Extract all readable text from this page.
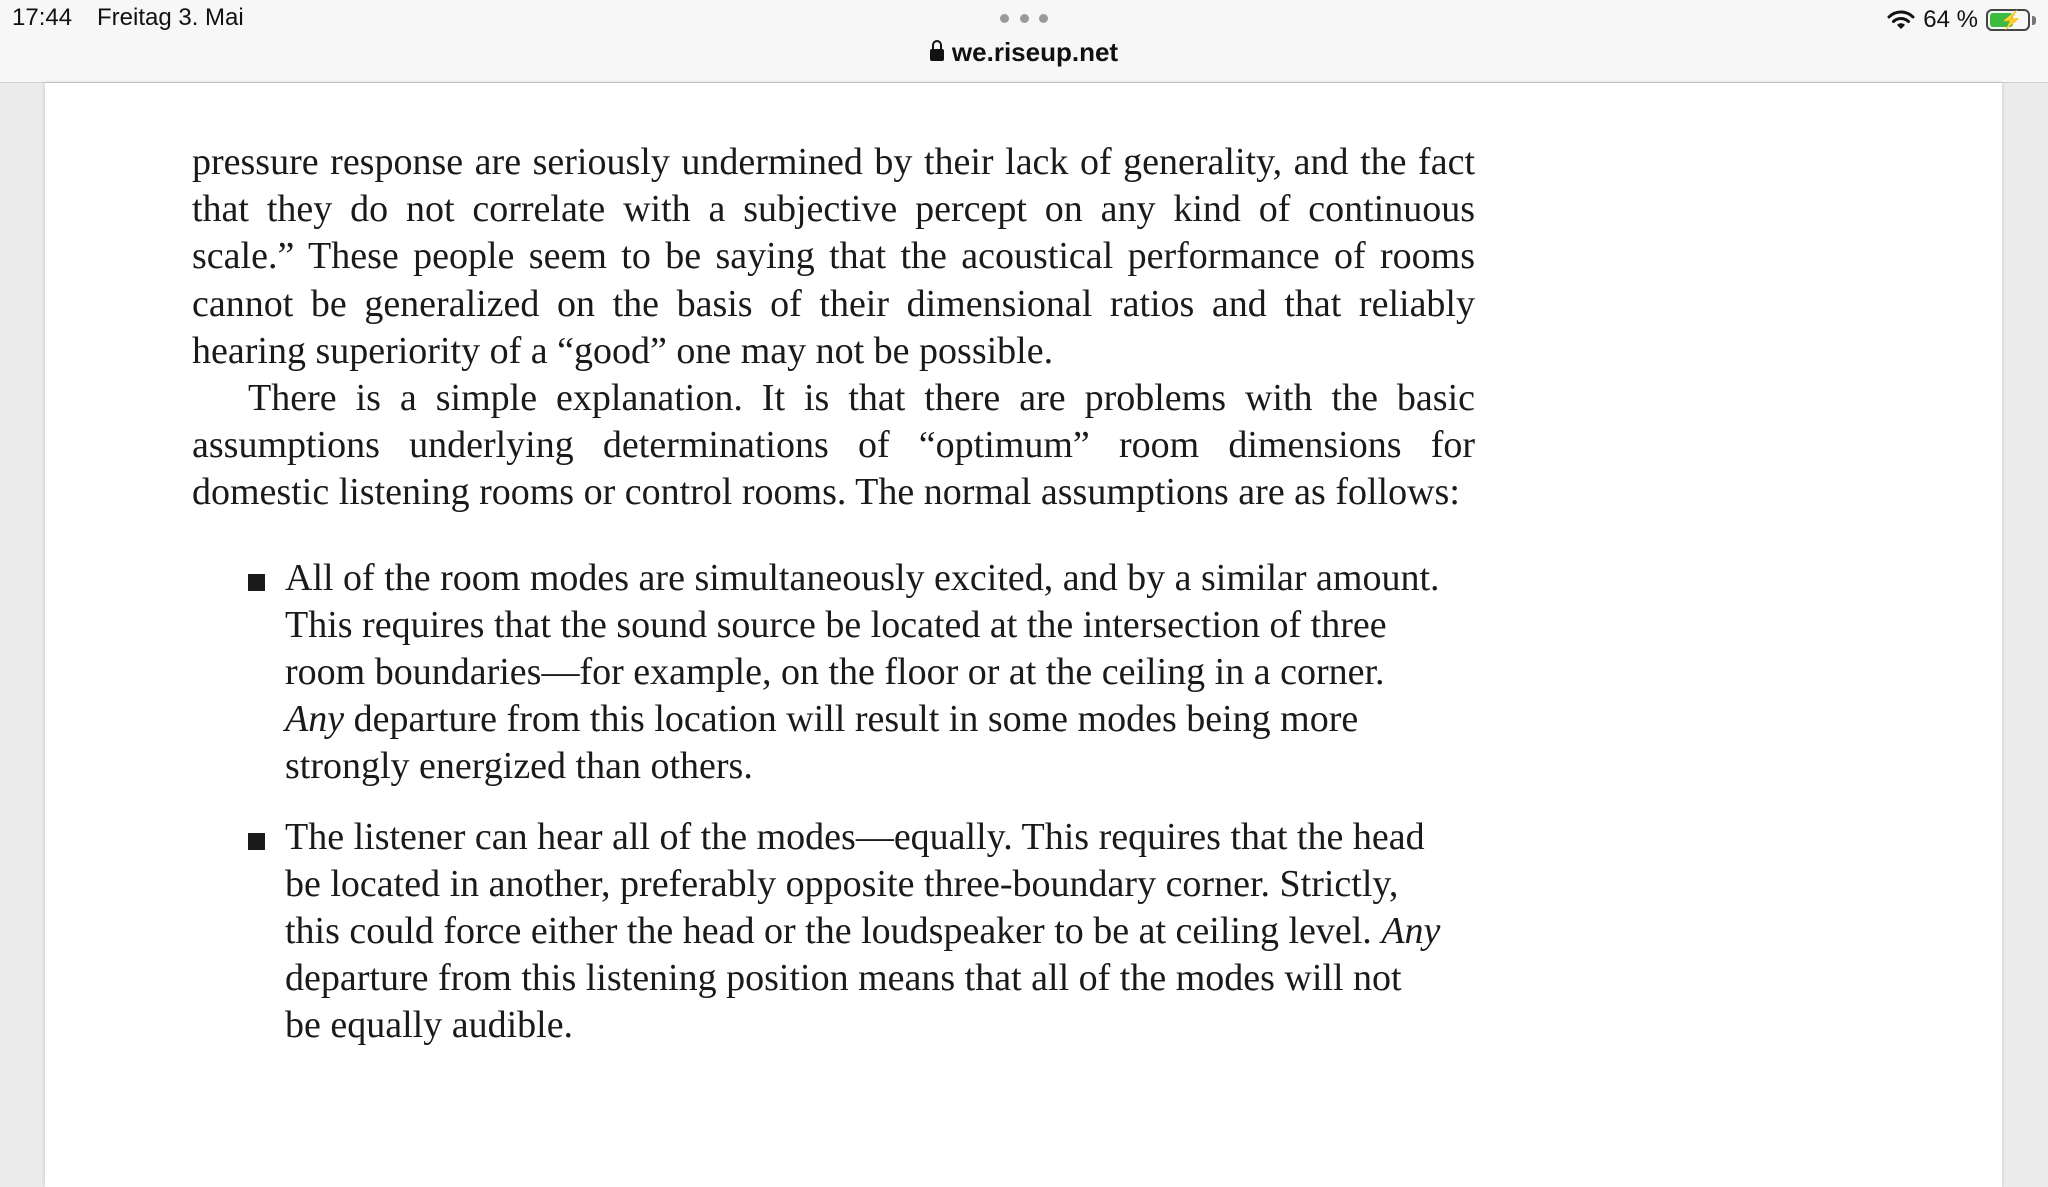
17:44 Freitag 3. Mai
we.riseup.net
64 % ⚡

pressure response are seriously undermined by their lack of generality, and the fact that they do not correlate with a subjective percept on any kind of continuous scale.” These people seem to be saying that the acoustical performance of rooms cannot be generalized on the basis of their dimensional ratios and that reliably hearing superiority of a “good” one may not be possible.

There is a simple explanation. It is that there are problems with the basic assumptions underlying determinations of “optimum” room dimensions for domestic listening rooms or control rooms. The normal assumptions are as follows:

All of the room modes are simultaneously excited, and by a similar amount. This requires that the sound source be located at the intersection of three room boundaries—for example, on the floor or at the ceiling in a corner. Any departure from this location will result in some modes being more strongly energized than others.
The listener can hear all of the modes—equally. This requires that the head be located in another, preferably opposite three-boundary corner. Strictly, this could force either the head or the loudspeaker to be at ceiling level. Any departure from this listening position means that all of the modes will not be equally audible.
